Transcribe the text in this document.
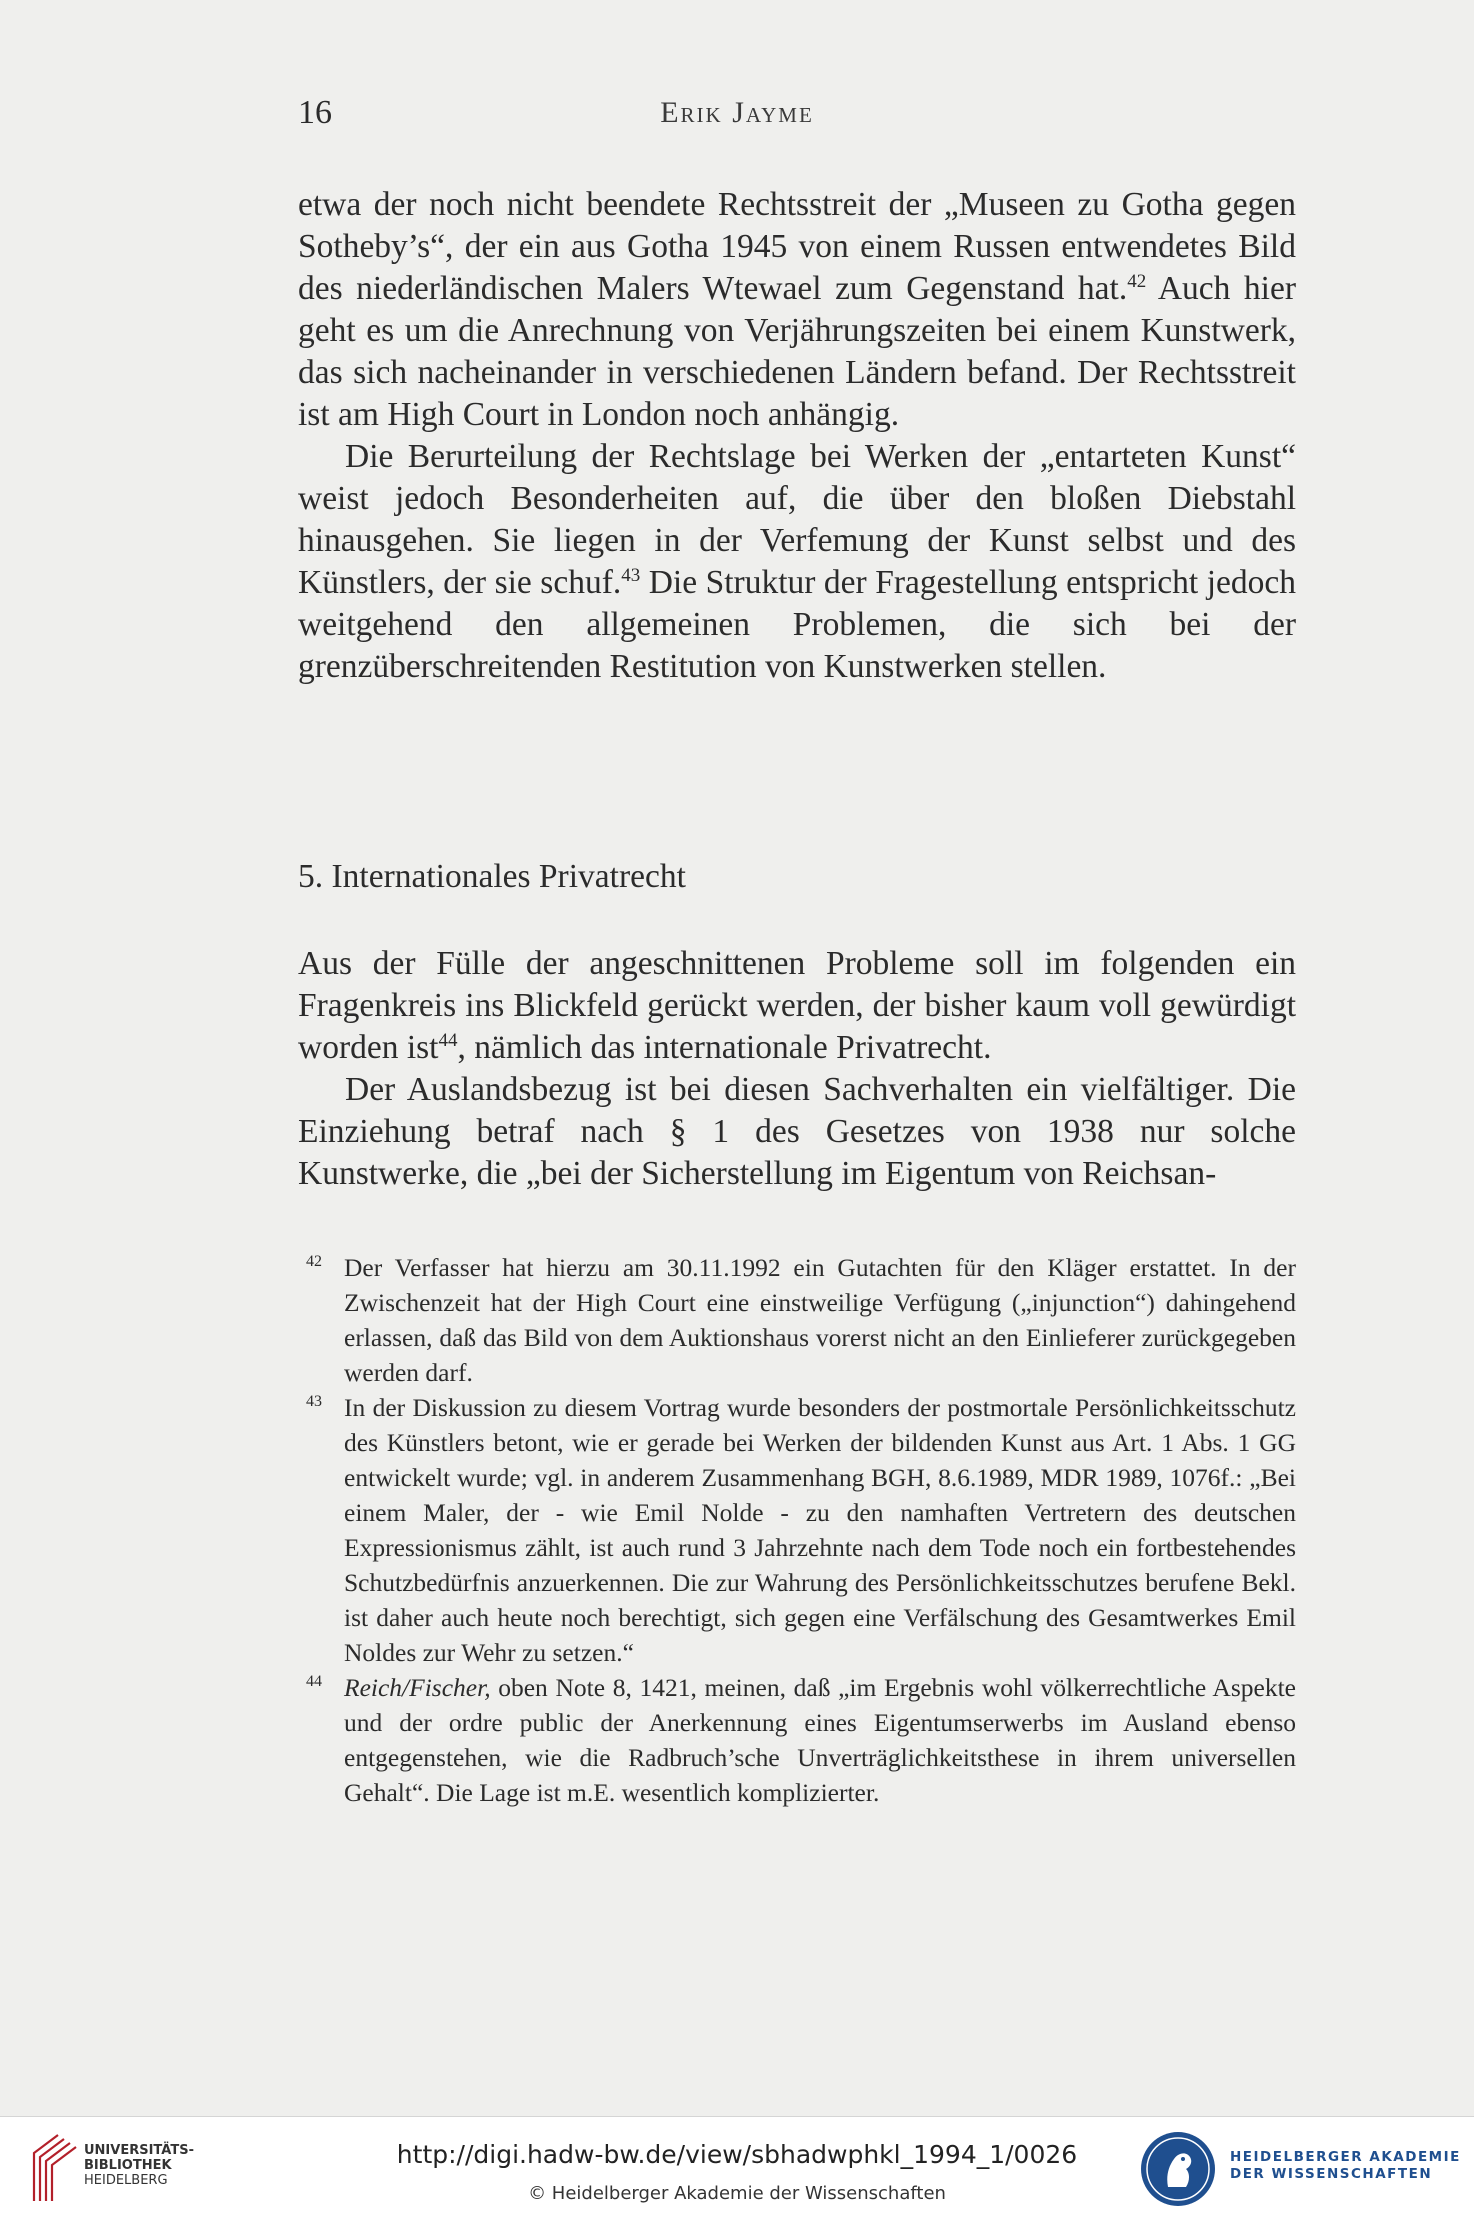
16	Erik Jayme

etwa der noch nicht beendete Rechtsstreit der „Museen zu Gotha gegen Sotheby’s“, der ein aus Gotha 1945 von einem Russen entwendetes Bild des niederländischen Malers Wtewael zum Gegenstand hat.$^{42}$ Auch hier geht es um die Anrechnung von Verjährungszeiten bei einem Kunstwerk, das sich nacheinander in verschiedenen Ländern befand. Der Rechtsstreit ist am High Court in London noch anhängig.

Die Berurteilung der Rechtslage bei Werken der „entarteten Kunst“ weist jedoch Besonderheiten auf, die über den bloßen Diebstahl hinausgehen. Sie liegen in der Verfemung der Kunst selbst und des Künstlers, der sie schuf.$^{43}$ Die Struktur der Fragestellung entspricht jedoch weitgehend den allgemeinen Problemen, die sich bei der grenzüberschreitenden Restitution von Kunstwerken stellen.

5. Internationales Privatrecht

Aus der Fülle der angeschnittenen Probleme soll im folgenden ein Fragenkreis ins Blickfeld gerückt werden, der bisher kaum voll gewürdigt worden ist$^{44}$, nämlich das internationale Privatrecht.

Der Auslandsbezug ist bei diesen Sachverhalten ein vielfältiger. Die Einziehung betraf nach § 1 des Gesetzes von 1938 nur solche Kunstwerke, die „bei der Sicherstellung im Eigentum von Reichsan-

42 Der Verfasser hat hierzu am 30.11.1992 ein Gutachten für den Kläger erstattet. In der Zwischenzeit hat der High Court eine einstweilige Verfügung („injunction“) dahingehend erlassen, daß das Bild von dem Auktionshaus vorerst nicht an den Einlieferer zurückgegeben werden darf.
43 In der Diskussion zu diesem Vortrag wurde besonders der postmortale Persönlichkeitsschutz des Künstlers betont, wie er gerade bei Werken der bildenden Kunst aus Art. 1 Abs. 1 GG entwickelt wurde; vgl. in anderem Zusammenhang BGH, 8.6.1989, MDR 1989, 1076f.: „Bei einem Maler, der - wie Emil Nolde - zu den namhaften Vertretern des deutschen Expressionismus zählt, ist auch rund 3 Jahrzehnte nach dem Tode noch ein fortbestehendes Schutzbedürfnis anzuerkennen. Die zur Wahrung des Persönlichkeitsschutzes berufene Bekl. ist daher auch heute noch berechtigt, sich gegen eine Verfälschung des Gesamtwerkes Emil Noldes zur Wehr zu setzen.“
44 Reich/Fischer, oben Note 8, 1421, meinen, daß „im Ergebnis wohl völkerrechtliche Aspekte und der ordre public der Anerkennung eines Eigentumserwerbs im Ausland ebenso entgegenstehen, wie die Radbruch’sche Unverträglichkeitsthese in ihrem universellen Gehalt“. Die Lage ist m.E. wesentlich komplizierter.
UNIVERSITÄTS-
BIBLIOTHEK
HEIDELBERG
http://digi.hadw-bw.de/view/sbhadwphkl_1994_1/0026
© Heidelberger Akademie der Wissenschaften
HEIDELBERGER AKADEMIE
DER WISSENSCHAFTEN
